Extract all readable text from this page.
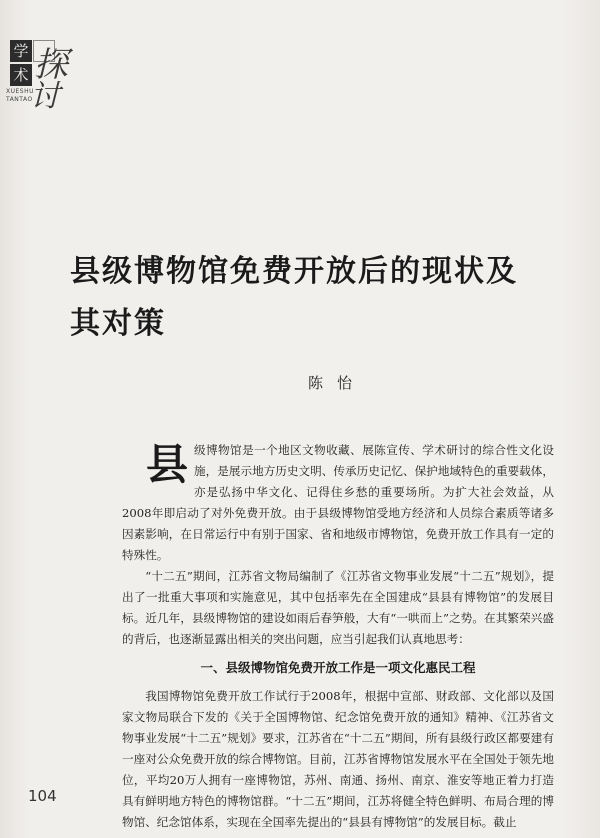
学
术 探
讨
XUESHU TANTAO
县级博物馆免费开放后的现状及其对策
陈怡

县级博物馆是一个地区文物收藏、展陈宣传、学术研讨的综合性文化设施，是展示地方历史文明、传承历史记忆、保护地域特色的重要载体，亦是弘扬中华文化、记得住乡愁的重要场所。为扩大社会效益，从2008年即启动了对外免费开放。由于县级博物馆受地方经济和人员综合素质等诸多因素影响，在日常运行中有别于国家、省和地级市博物馆，免费开放工作具有一定的特殊性。

“十二五”期间，江苏省文物局编制了《江苏省文物事业发展“十二五”规划》，提出了一批重大事项和实施意见，其中包括率先在全国建成“县县有博物馆”的发展目标。近几年，县级博物馆的建设如雨后春笋般，大有“一哄而上”之势。在其繁荣兴盛的背后，也逐渐显露出相关的突出问题，应当引起我们认真地思考：

一、县级博物馆免费开放工作是一项文化惠民工程

我国博物馆免费开放工作试行于2008年，根据中宣部、财政部、文化部以及国家文物局联合下发的《关于全国博物馆、纪念馆免费开放的通知》精神、《江苏省文物事业发展“十二五”规划》要求，江苏省在“十二五”期间，所有县级行政区都要建有一座对公众免费开放的综合博物馆。目前，江苏省博物馆发展水平在全国处于领先地位，平均20万人拥有一座博物馆，苏州、南通、扬州、南京、淮安等地正着力打造具有鲜明地方特色的博物馆群。“十二五”期间，江苏将健全特色鲜明、布局合理的博物馆、纪念馆体系，实现在全国率先提出的“县县有博物馆”的发展目标。截止

104
